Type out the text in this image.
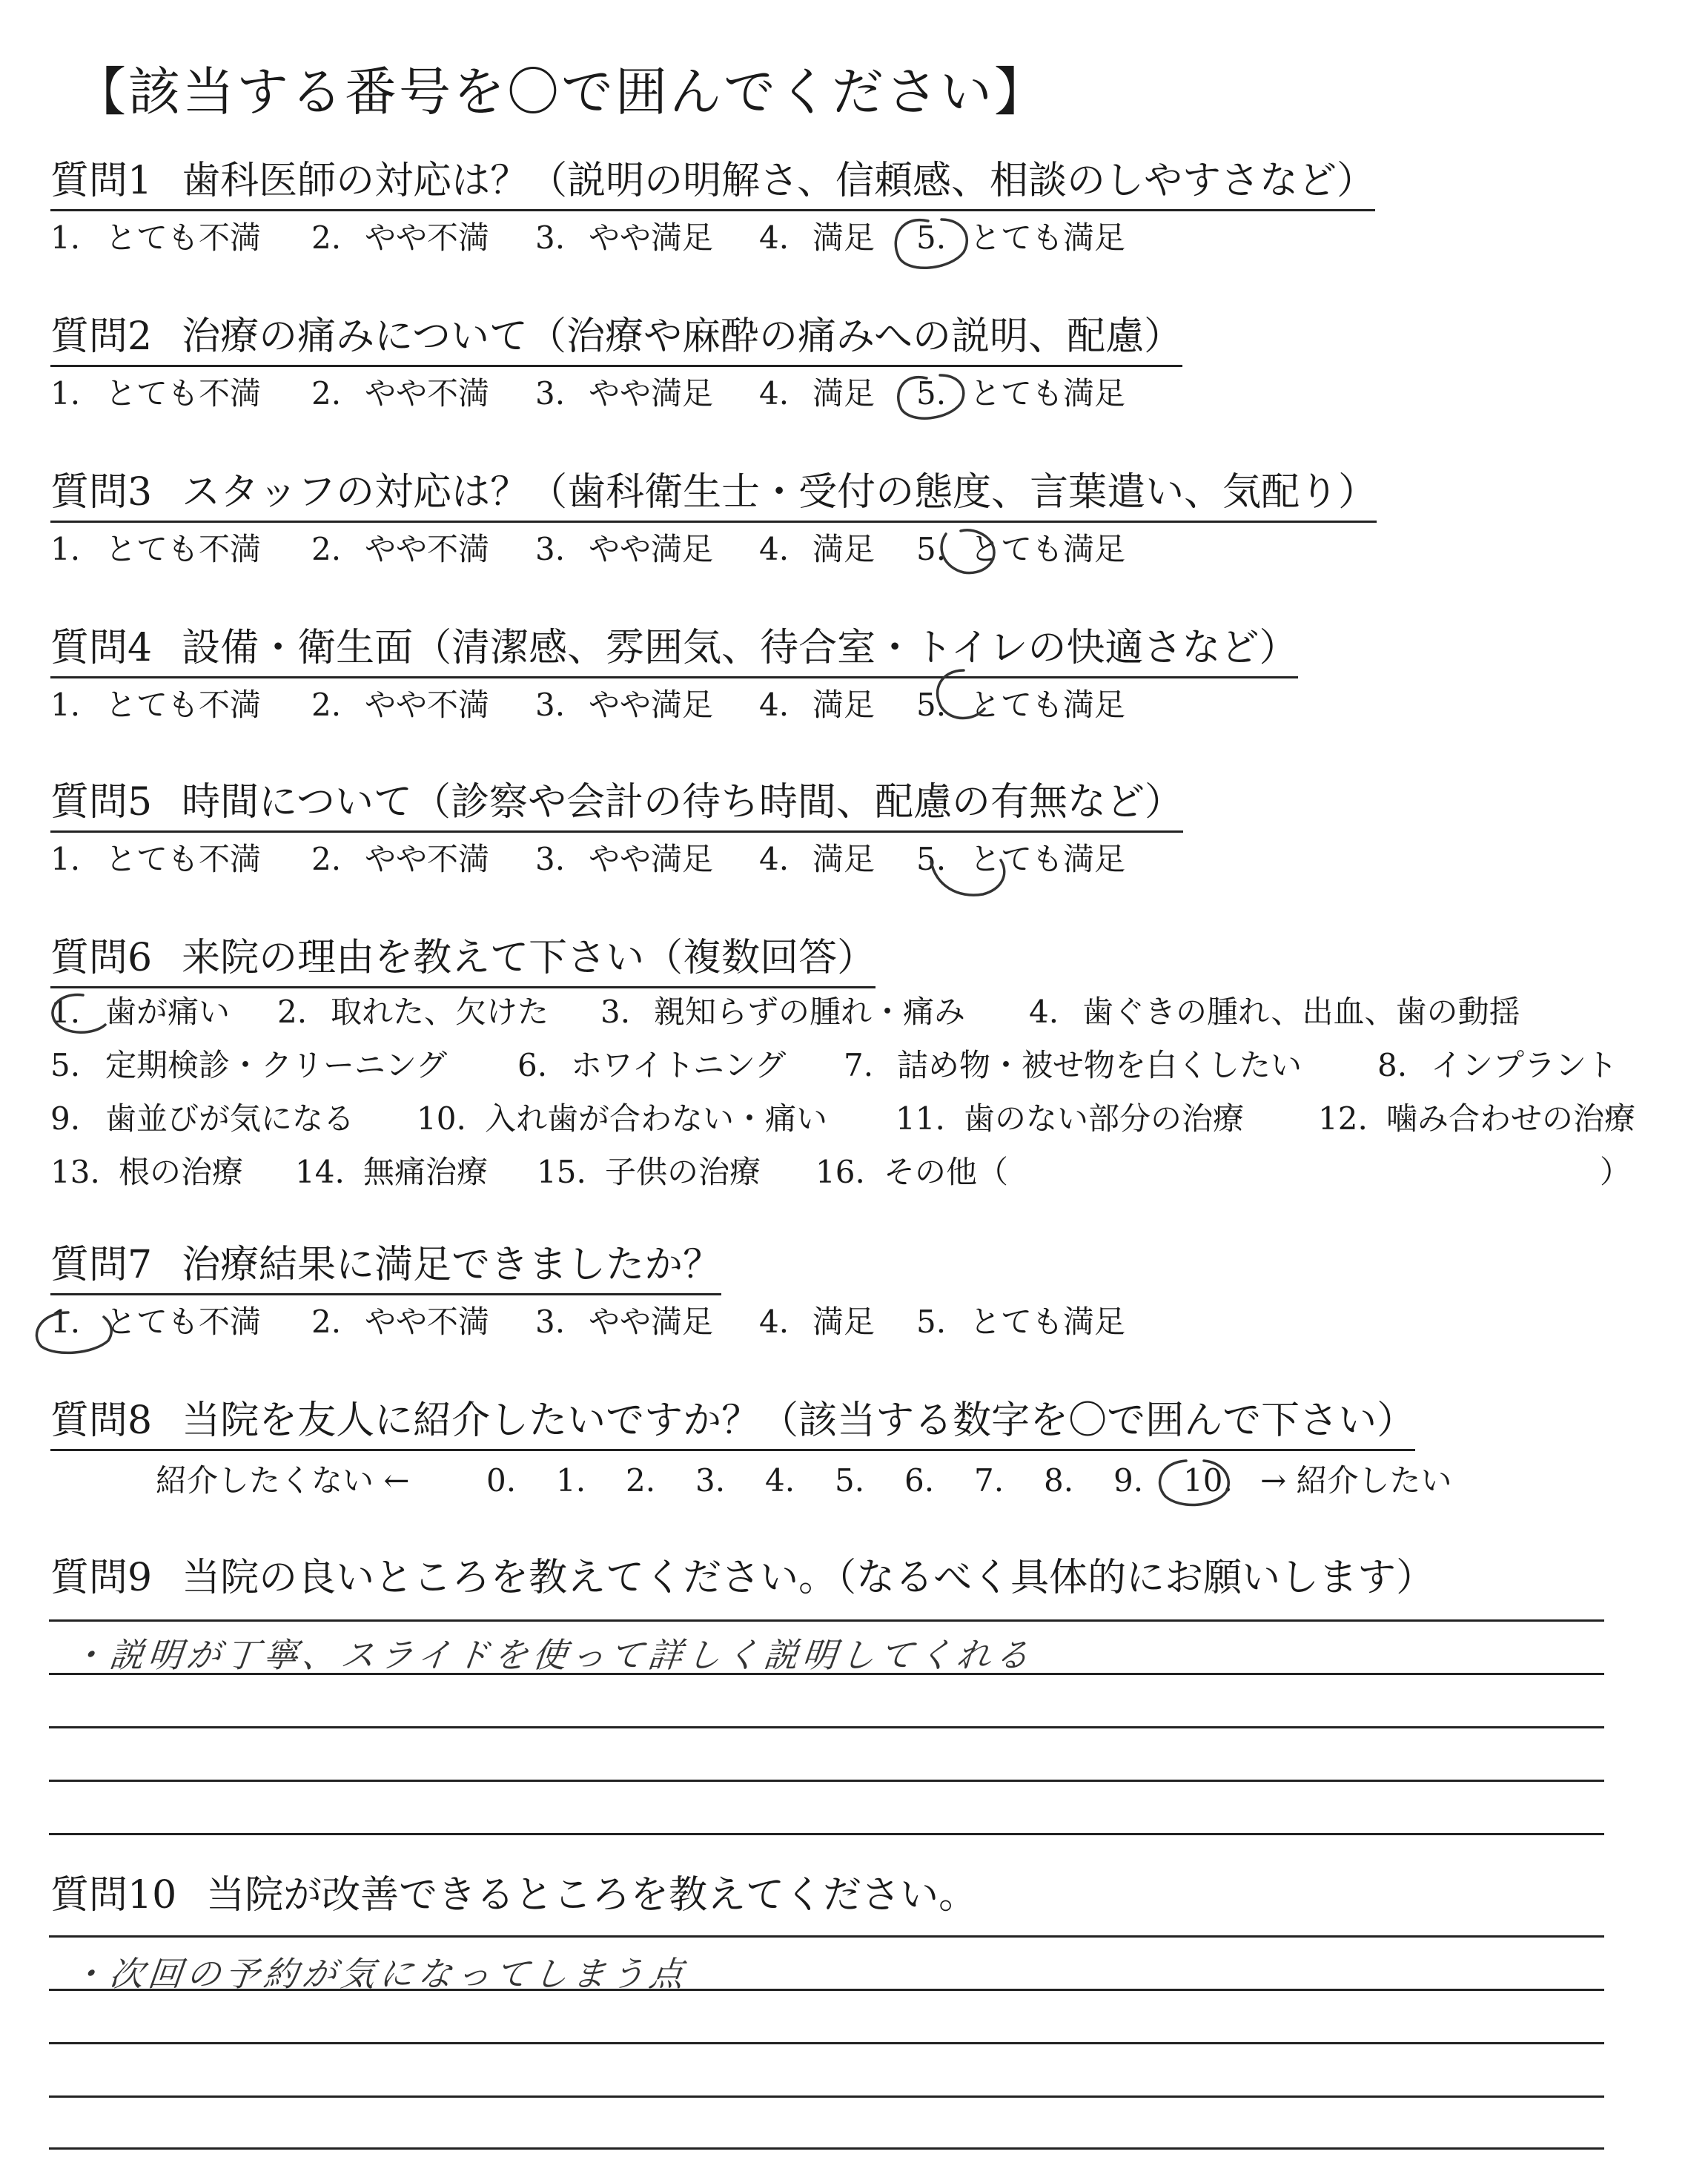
【該当する番号を〇で囲んでください】
質問1 歯科医師の対応は？（説明の明解さ、信頼感、相談のしやすさなど）
1. とても不満 2. やや不満 3. やや満足 4. 満足 5. とても満足
質問2 治療の痛みについて（治療や麻酔の痛みへの説明、配慮）
1. とても不満 2. やや不満 3. やや満足 4. 満足 5. とても満足
質問3 スタッフの対応は？（歯科衛生士・受付の態度、言葉遣い、気配り）
1. とても不満 2. やや不満 3. やや満足 4. 満足 5. とても満足
質問4 設備・衛生面（清潔感、雰囲気、待合室・トイレの快適さなど）
1. とても不満 2. やや不満 3. やや満足 4. 満足 5. とても満足
質問5 時間について（診察や会計の待ち時間、配慮の有無など）
1. とても不満 2. やや不満 3. やや満足 4. 満足 5. とても満足
質問6 来院の理由を教えて下さい（複数回答）
1. 歯が痛い 2. 取れた、欠けた 3. 親知らずの腫れ・痛み 4. 歯ぐきの腫れ、出血、歯の動揺
5. 定期検診・クリーニング 6. ホワイトニング 7. 詰め物・被せ物を白くしたい 8. インプラント
9. 歯並びが気になる 10. 入れ歯が合わない・痛い 11. 歯のない部分の治療 12. 噛み合わせの治療
13. 根の治療 14. 無痛治療 15. 子供の治療 16. その他（	）
質問7 治療結果に満足できましたか？
1. とても不満 2. やや不満 3. やや満足 4. 満足 5. とても満足
質問8 当院を友人に紹介したいですか？（該当する数字を〇で囲んで下さい）
紹介したくない ← 0. 1. 2. 3. 4. 5. 6. 7. 8. 9. 10. → 紹介したい
質問9 当院の良いところを教えてください。（なるべく具体的にお願いします）
・説明が丁寧、スライドを使って詳しく説明してくれる
質問10 当院が改善できるところを教えてください。
・次回の予約が気になってしまう点
